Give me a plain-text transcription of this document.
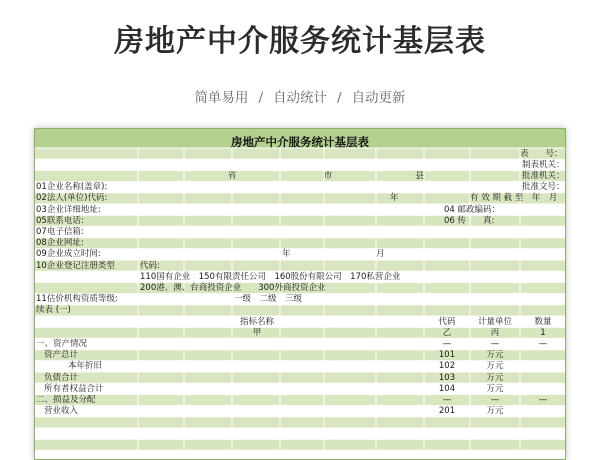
房地产中介服务统计基层表
简单易用 / 自动统计 / 自动更新
房地产中介服务统计基层表
表　　号：
制表机关：
批准机关：
批准文号：
有 效 期 截 至　年　月
省	市	县
01企业名称(盖章):
02法人(单位)代码:	年
03企业详细地址:	04 邮政编码：
05联系电话:	06 传　　真:
07电子信箱:
08企业网址:
09企业成立时间:	年	月
10企业登记注册类型	代码:
110国有企业　150有限责任公司　160股份有限公司　170私营企业
200港、澳、台商投资企业　　300外商投资企业
11估价机构资质等级:	一级　二级　三级
续表 (一)
指标名称	代码	计量单位	数量
甲	乙	丙	1
一、资产情况	—	—	—
资产总计	101	万元
本年折旧	102	万元
负债合计	103	万元
所有者权益合计	104	万元
二、损益及分配	—	—	—
营业收入	201	万元
